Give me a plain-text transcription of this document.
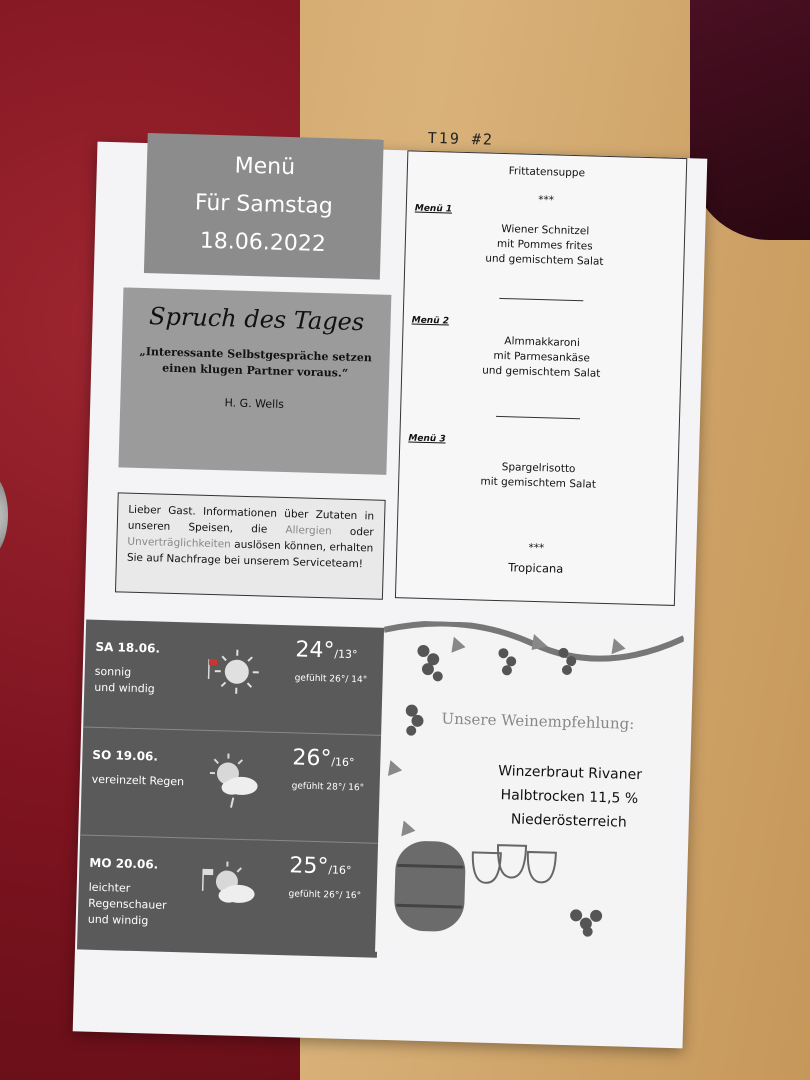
Menü
Für Samstag
18.06.2022
Spruch des Tages
„Interessante Selbstgespräche setzen einen klugen Partner voraus.“
H. G. Wells
Lieber Gast. Informationen über Zutaten in unseren Speisen, die Allergien oder Unverträglichkeiten auslösen können, erhalten Sie auf Nachfrage bei unserem Serviceteam!
SA 18.06.
sonnig
und windig
24°/13°
gefühlt 26°/ 14°
SO 19.06.
vereinzelt Regen
26°/16°
gefühlt 28°/ 16°
MO 20.06.
leichter
Regenschauer
und windig
25°/16°
gefühlt 26°/ 16°
T19 #2
Frittatensuppe
***
Menü 1
Wiener Schnitzel
mit Pommes frites
und gemischtem Salat
Menü 2
Almmakkaroni
mit Parmesankäse
und gemischtem Salat
Menü 3
Spargelrisotto
mit gemischtem Salat
***
Tropicana
Unsere Weinempfehlung:
Winzerbraut Rivaner
Halbtrocken 11,5 %
Niederösterreich
